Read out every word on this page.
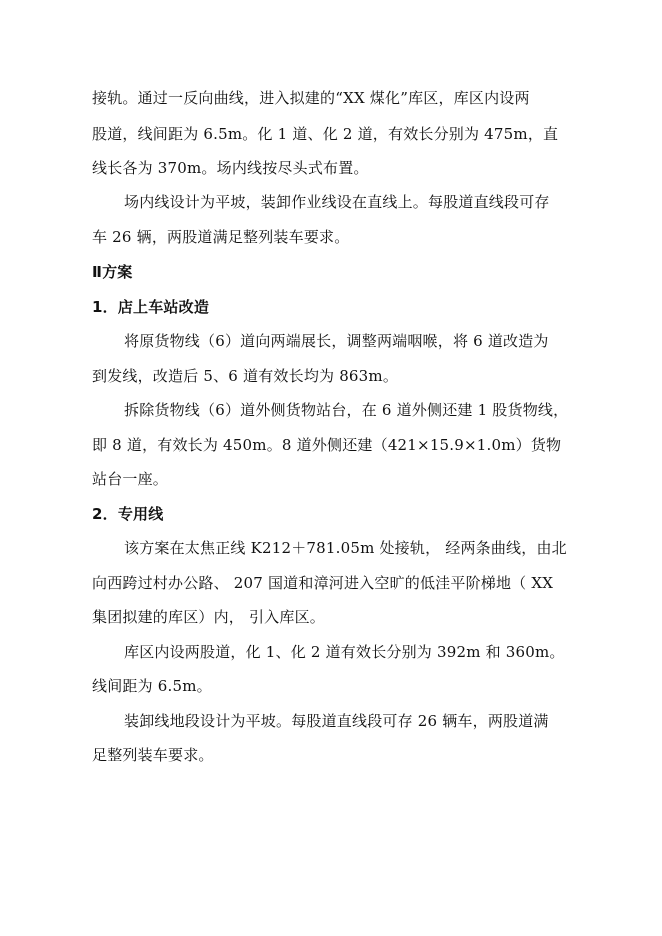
接轨。通过一反向曲线，进入拟建的“XX 煤化”库区，库区内设两
股道，线间距为 6.5m。化 1 道、化 2 道，有效长分别为 475m，直
线长各为 370m。场内线按尽头式布置。
场内线设计为平坡，装卸作业线设在直线上。每股道直线段可存
车 26 辆，两股道满足整列装车要求。
Ⅱ方案
1．店上车站改造
将原货物线（6）道向两端展长，调整两端咽喉，将 6 道改造为
到发线，改造后 5、6 道有效长均为 863m。
拆除货物线（6）道外侧货物站台，在 6 道外侧还建 1 股货物线，
即 8 道，有效长为 450m。8 道外侧还建（421×15.9×1.0m）货物
站台一座。
2．专用线
该方案在太焦正线 K212＋781.05m 处接轨， 经两条曲线，由北
向西跨过村办公路、 207 国道和漳河进入空旷的低洼平阶梯地（ XX
集团拟建的库区）内， 引入库区。
库区内设两股道，化 1、化 2 道有效长分别为 392m 和 360m。
线间距为 6.5m。
装卸线地段设计为平坡。每股道直线段可存 26 辆车，两股道满
足整列装车要求。
